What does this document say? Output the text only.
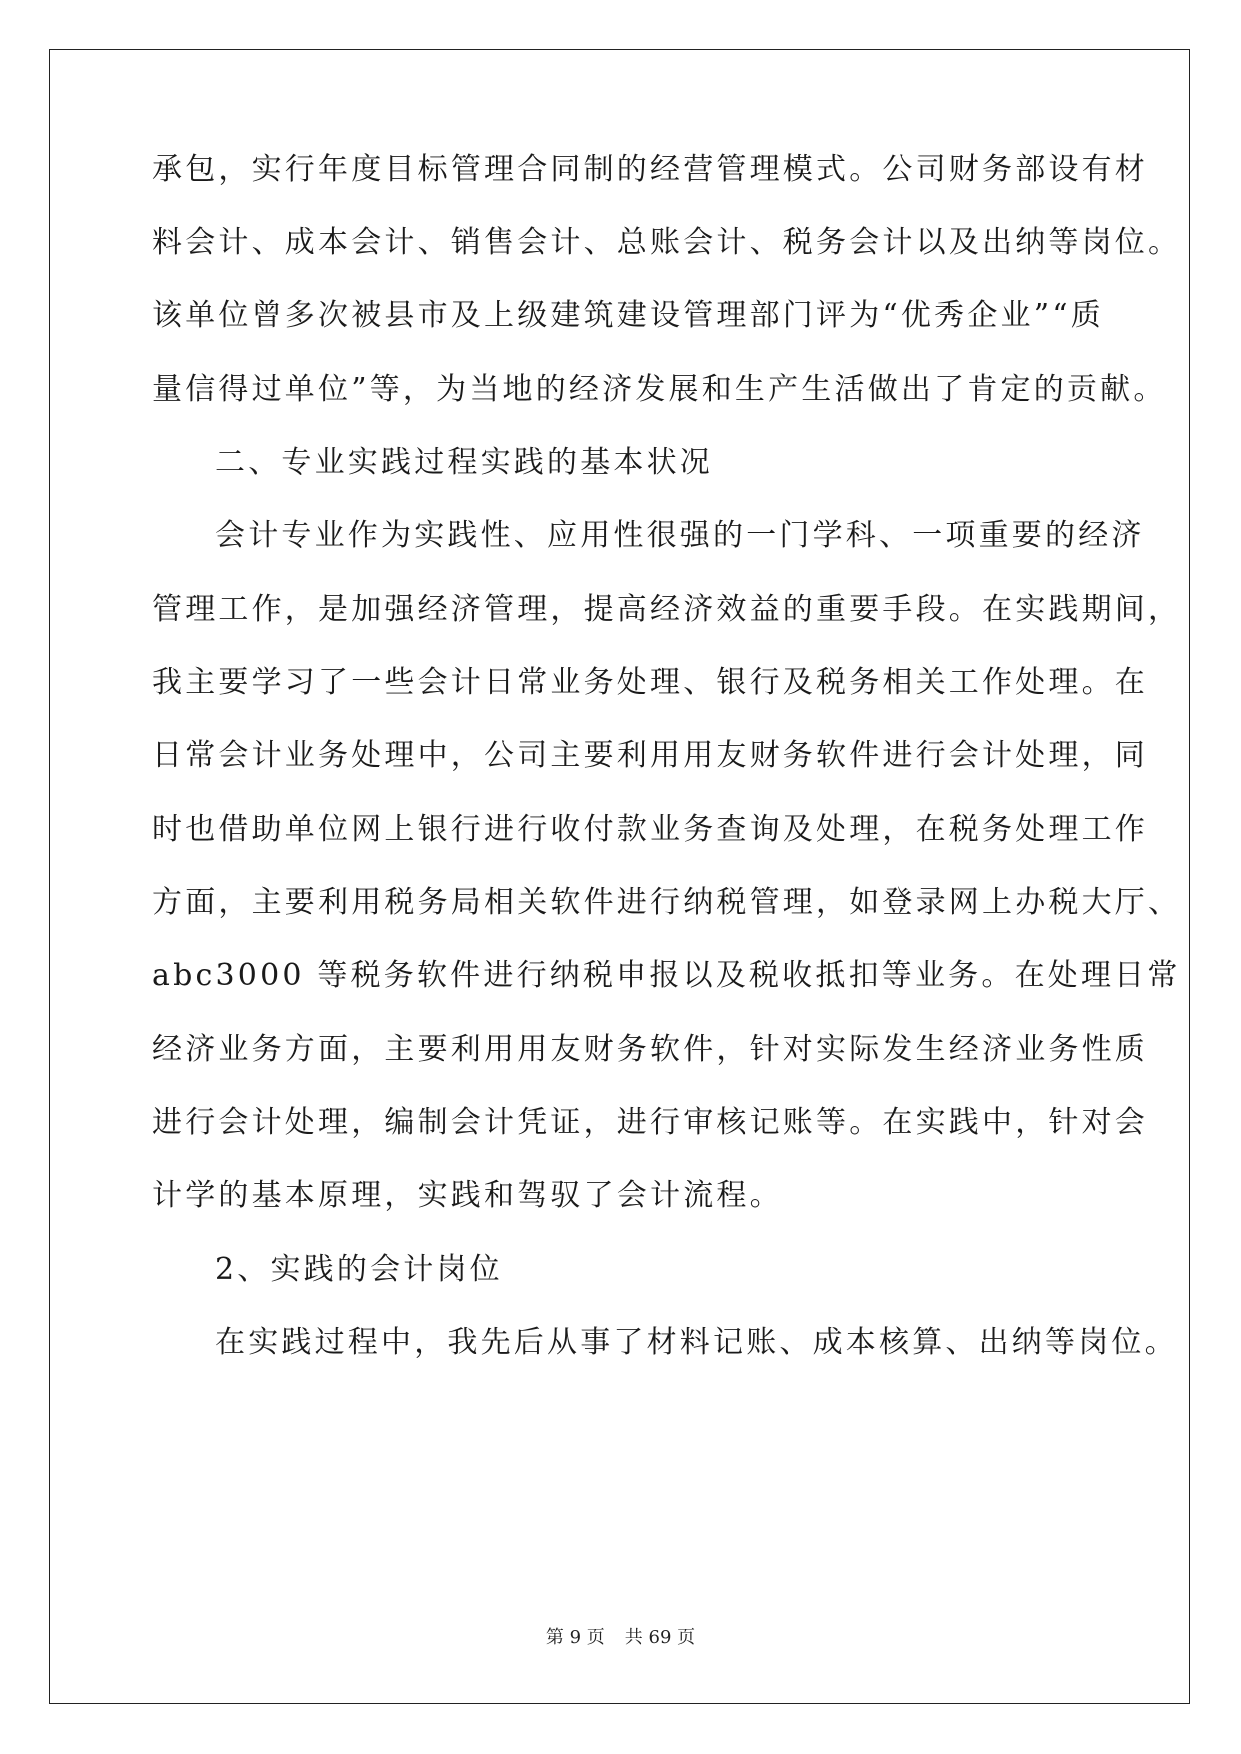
承包，实行年度目标管理合同制的经营管理模式。公司财务部设有材
料会计、成本会计、销售会计、总账会计、税务会计以及出纳等岗位。
该单位曾多次被县市及上级建筑建设管理部门评为“优秀企业”“质
量信得过单位”等，为当地的经济发展和生产生活做出了肯定的贡献。
二、专业实践过程实践的基本状况
会计专业作为实践性、应用性很强的一门学科、一项重要的经济
管理工作，是加强经济管理，提高经济效益的重要手段。在实践期间，
我主要学习了一些会计日常业务处理、银行及税务相关工作处理。在
日常会计业务处理中，公司主要利用用友财务软件进行会计处理，同
时也借助单位网上银行进行收付款业务查询及处理，在税务处理工作
方面，主要利用税务局相关软件进行纳税管理，如登录网上办税大厅、
abc3000 等税务软件进行纳税申报以及税收抵扣等业务。在处理日常
经济业务方面，主要利用用友财务软件，针对实际发生经济业务性质
进行会计处理，编制会计凭证，进行审核记账等。在实践中，针对会
计学的基本原理，实践和驾驭了会计流程。
2、实践的会计岗位
在实践过程中，我先后从事了材料记账、成本核算、出纳等岗位。
第 9 页 共 69 页
